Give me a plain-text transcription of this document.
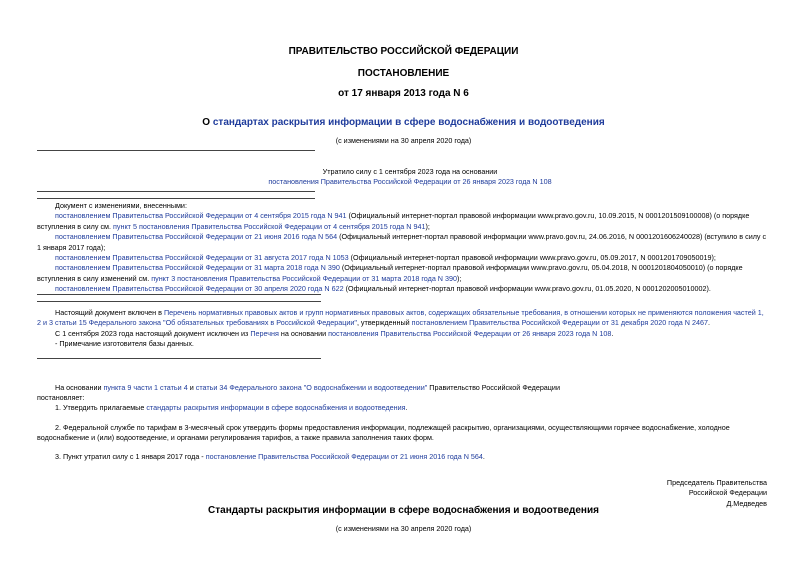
ПРАВИТЕЛЬСТВО РОССИЙСКОЙ ФЕДЕРАЦИИ
ПОСТАНОВЛЕНИЕ
от 17 января 2013 года N 6
О стандартах раскрытия информации в сфере водоснабжения и водоотведения
(с изменениями на 30 апреля 2020 года)
Утратило силу с 1 сентября 2023 года на основании
постановления Правительства Российской Федерации от 26 января 2023 года N 108
Документ с изменениями, внесенными:
постановлением Правительства Российской Федерации от 4 сентября 2015 года N 941 (Официальный интернет-портал правовой информации www.pravo.gov.ru, 10.09.2015, N 0001201509100008) (о порядке вступления в силу см. пункт 5 постановления Правительства Российской Федерации от 4 сентября 2015 года N 941);
постановлением Правительства Российской Федерации от 21 июня 2016 года N 564 (Официальный интернет-портал правовой информации www.pravo.gov.ru, 24.06.2016, N 0001201606240028) (вступило в силу с 1 января 2017 года);
постановлением Правительства Российской Федерации от 31 августа 2017 года N 1053 (Официальный интернет-портал правовой информации www.pravo.gov.ru, 05.09.2017, N 0001201709050019);
постановлением Правительства Российской Федерации от 31 марта 2018 года N 390 (Официальный интернет-портал правовой информации www.pravo.gov.ru, 05.04.2018, N 0001201804050010) (о порядке вступления в силу изменений см. пункт 3 постановления Правительства Российской Федерации от 31 марта 2018 года N 390);
постановлением Правительства Российской Федерации от 30 апреля 2020 года N 622 (Официальный интернет-портал правовой информации www.pravo.gov.ru, 01.05.2020, N 0001202005010002).
Настоящий документ включен в Перечень нормативных правовых актов и групп нормативных правовых актов, содержащих обязательные требования, в отношении которых не применяются положения частей 1, 2 и 3 статьи 15 Федерального закона "Об обязательных требованиях в Российской Федерации", утвержденный постановлением Правительства Российской Федерации от 31 декабря 2020 года N 2467.
С 1 сентября 2023 года настоящий документ исключен из Перечня на основании постановления Правительства Российской Федерации от 26 января 2023 года N 108.
- Примечание изготовителя базы данных.
На основании пункта 9 части 1 статьи 4 и статьи 34 Федерального закона "О водоснабжении и водоотведении" Правительство Российской Федерации
постановляет:
1. Утвердить прилагаемые стандарты раскрытия информации в сфере водоснабжения и водоотведения.
2. Федеральной службе по тарифам в 3-месячный срок утвердить формы предоставления информации, подлежащей раскрытию, организациями, осуществляющими горячее водоснабжение, холодное водоснабжение и (или) водоотведение, и органами регулирования тарифов, а также правила заполнения таких форм.
3. Пункт утратил силу с 1 января 2017 года - постановление Правительства Российской Федерации от 21 июня 2016 года N 564.
Председатель Правительства
Российской Федерации
Д.Медведев
Стандарты раскрытия информации в сфере водоснабжения и водоотведения
(с изменениями на 30 апреля 2020 года)
